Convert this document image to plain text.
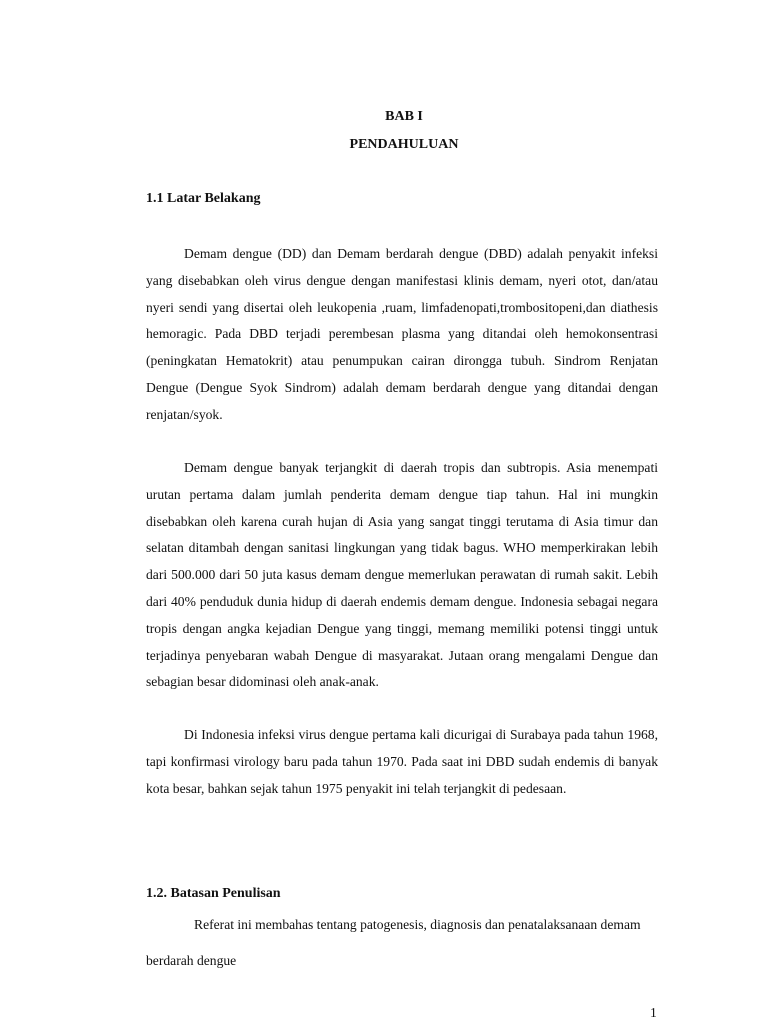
BAB I

PENDAHULUAN

1.1 Latar Belakang

Demam dengue (DD) dan Demam berdarah dengue (DBD) adalah penyakit infeksi yang disebabkan oleh virus dengue dengan manifestasi klinis demam, nyeri otot, dan/atau nyeri sendi yang disertai oleh leukopenia ,ruam, limfadenopati,trombositopeni,dan diathesis hemoragic. Pada DBD terjadi perembesan plasma yang ditandai oleh hemokonsentrasi (peningkatan Hematokrit) atau penumpukan cairan dirongga tubuh. Sindrom Renjatan Dengue (Dengue Syok Sindrom) adalah demam berdarah dengue yang ditandai dengan renjatan/syok.

Demam dengue banyak terjangkit di daerah tropis dan subtropis. Asia menempati urutan pertama dalam jumlah penderita demam dengue tiap tahun. Hal ini mungkin disebabkan oleh karena curah hujan di Asia yang sangat tinggi terutama di Asia timur dan selatan ditambah dengan sanitasi lingkungan yang tidak bagus. WHO memperkirakan lebih dari 500.000 dari 50 juta kasus demam dengue memerlukan perawatan di rumah sakit. Lebih dari 40% penduduk dunia hidup di daerah endemis demam dengue. Indonesia sebagai negara tropis dengan angka kejadian Dengue yang tinggi, memang memiliki potensi tinggi untuk terjadinya penyebaran wabah Dengue di masyarakat. Jutaan orang mengalami Dengue dan sebagian besar didominasi oleh anak-anak.

Di Indonesia infeksi virus dengue pertama kali dicurigai di Surabaya pada tahun 1968, tapi konfirmasi virology baru pada tahun 1970. Pada saat ini DBD sudah endemis di banyak kota besar, bahkan sejak tahun 1975 penyakit ini telah terjangkit di pedesaan.

1.2. Batasan Penulisan

Referat ini membahas tentang patogenesis, diagnosis dan penatalaksanaan demam berdarah dengue

1
